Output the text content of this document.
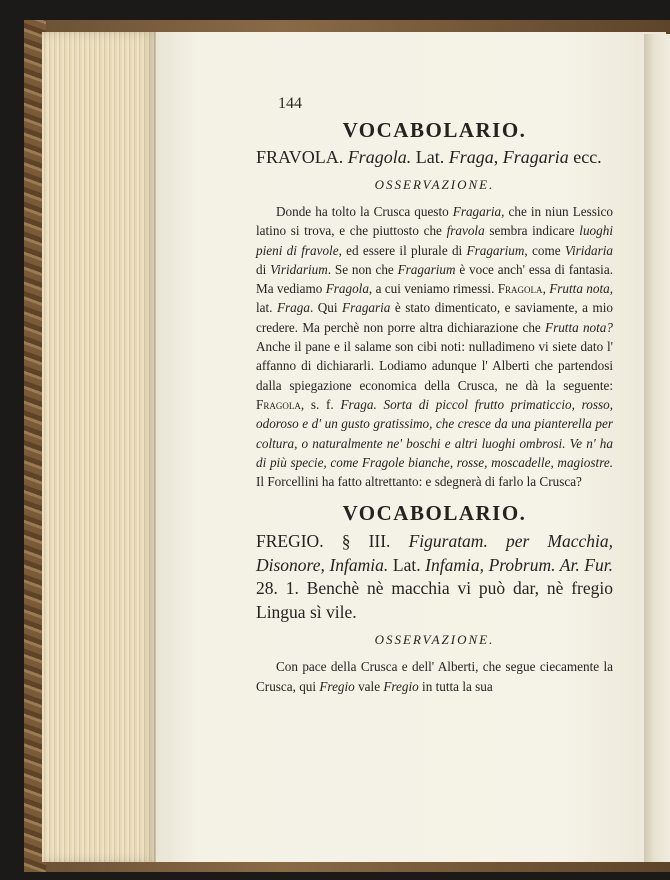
144
VOCABOLARIO.

FRAVOLA. Fragola. Lat. Fraga, Fragaria ecc.

OSSERVAZIONE.

Donde ha tolto la Crusca questo Fragaria, che in niun Lessico latino si trova, e che piuttosto che fravola sembra indicare luoghi pieni di fravole, ed essere il plurale di Fragarium, come Viridaria di Viridarium. Se non che Fragarium è voce anch' essa di fantasia. Ma vediamo Fragola, a cui veniamo rimessi. Fragola, Frutta nota, lat. Fraga. Qui Fragaria è stato dimenticato, e saviamente, a mio credere. Ma perchè non porre altra dichiarazione che Frutta nota? Anche il pane e il salame son cibi noti: nulladimeno vi siete dato l' affanno di dichiararli. Lodiamo adunque l' Alberti che partendosi dalla spiegazione economica della Crusca, ne dà la seguente: Fragola, s. f. Fraga. Sorta di piccol frutto primaticcio, rosso, odoroso e d' un gusto gratissimo, che cresce da una pianterella per coltura, o naturalmente ne' boschi e altri luoghi ombrosi. Ve n' ha di più specie, come Fragole bianche, rosse, moscadelle, magiostre. Il Forcellini ha fatto altrettanto: e sdegnerà di farlo la Crusca?

VOCABOLARIO.

FREGIO. § III. Figuratam. per Macchia, Disonore, Infamia. Lat. Infamia, Probrum. Ar. Fur. 28. 1. Benchè nè macchia vi può dar, nè fregio Lingua sì vile.

OSSERVAZIONE.

Con pace della Crusca e dell' Alberti, che segue ciecamente la Crusca, qui Fregio vale Fregio in tutta la sua
